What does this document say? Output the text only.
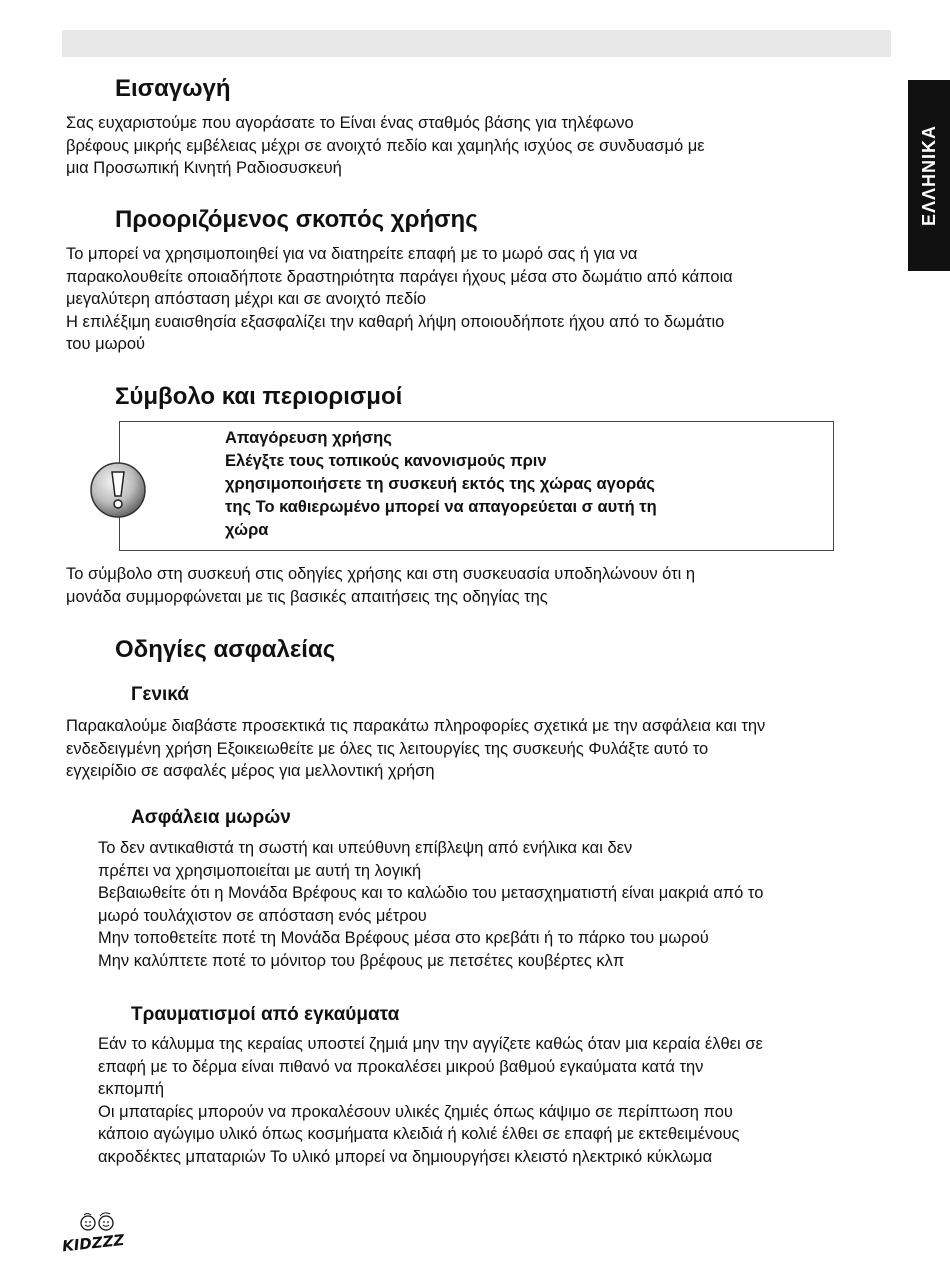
ΕΛΛΗΝΙΚΑ
Εισαγωγή
Σας ευχαριστούμε που αγοράσατε το Είναι ένας σταθμός βάσης για τηλέφωνο
βρέφους μικρής εμβέλειας μέχρι σε ανοιχτό πεδίο και χαμηλής ισχύος σε συνδυασμό με
μια Προσωπική Κινητή Ραδιοσυσκευή
Προοριζόμενος σκοπός χρήσης
Το μπορεί να χρησιμοποιηθεί για να διατηρείτε επαφή με το μωρό σας ή για να
παρακολουθείτε οποιαδήποτε δραστηριότητα παράγει ήχους μέσα στο δωμάτιο από κάποια
μεγαλύτερη απόσταση μέχρι και σε ανοιχτό πεδίο
Η επιλέξιμη ευαισθησία εξασφαλίζει την καθαρή λήψη οποιουδήποτε ήχου από το δωμάτιο
του μωρού
Σύμβολο και περιορισμοί
Απαγόρευση χρήσης
Ελέγξτε τους τοπικούς κανονισμούς πριν
χρησιμοποιήσετε τη συσκευή εκτός της χώρας αγοράς
της Το καθιερωμένο μπορεί να απαγορεύεται σ αυτή τη
χώρα
Το σύμβολο στη συσκευή στις οδηγίες χρήσης και στη συσκευασία υποδηλώνουν ότι η
μονάδα συμμορφώνεται με τις βασικές απαιτήσεις της οδηγίας της
Οδηγίες ασφαλείας
Γενικά
Παρακαλούμε διαβάστε προσεκτικά τις παρακάτω πληροφορίες σχετικά με την ασφάλεια και την
ενδεδειγμένη χρήση Εξοικειωθείτε με όλες τις λειτουργίες της συσκευής Φυλάξτε αυτό το
εγχειρίδιο σε ασφαλές μέρος για μελλοντική χρήση
Ασφάλεια μωρών
Το δεν αντικαθιστά τη σωστή και υπεύθυνη επίβλεψη από ενήλικα και δεν
πρέπει να χρησιμοποιείται με αυτή τη λογική
Βεβαιωθείτε ότι η Μονάδα Βρέφους και το καλώδιο του μετασχηματιστή είναι μακριά από το
μωρό τουλάχιστον σε απόσταση ενός μέτρου
Μην τοποθετείτε ποτέ τη Μονάδα Βρέφους μέσα στο κρεβάτι ή το πάρκο του μωρού
Μην καλύπτετε ποτέ το μόνιτορ του βρέφους με πετσέτες κουβέρτες κλπ
Τραυματισμοί από εγκαύματα
Εάν το κάλυμμα της κεραίας υποστεί ζημιά μην την αγγίζετε καθώς όταν μια κεραία έλθει σε
επαφή με το δέρμα είναι πιθανό να προκαλέσει μικρού βαθμού εγκαύματα κατά την
εκπομπή
Οι μπαταρίες μπορούν να προκαλέσουν υλικές ζημιές όπως κάψιμο σε περίπτωση που
κάποιο αγώγιμο υλικό όπως κοσμήματα κλειδιά ή κολιέ έλθει σε επαφή με εκτεθειμένους
ακροδέκτες μπαταριών Το υλικό μπορεί να δημιουργήσει κλειστό ηλεκτρικό κύκλωμα
KIDZZZ
